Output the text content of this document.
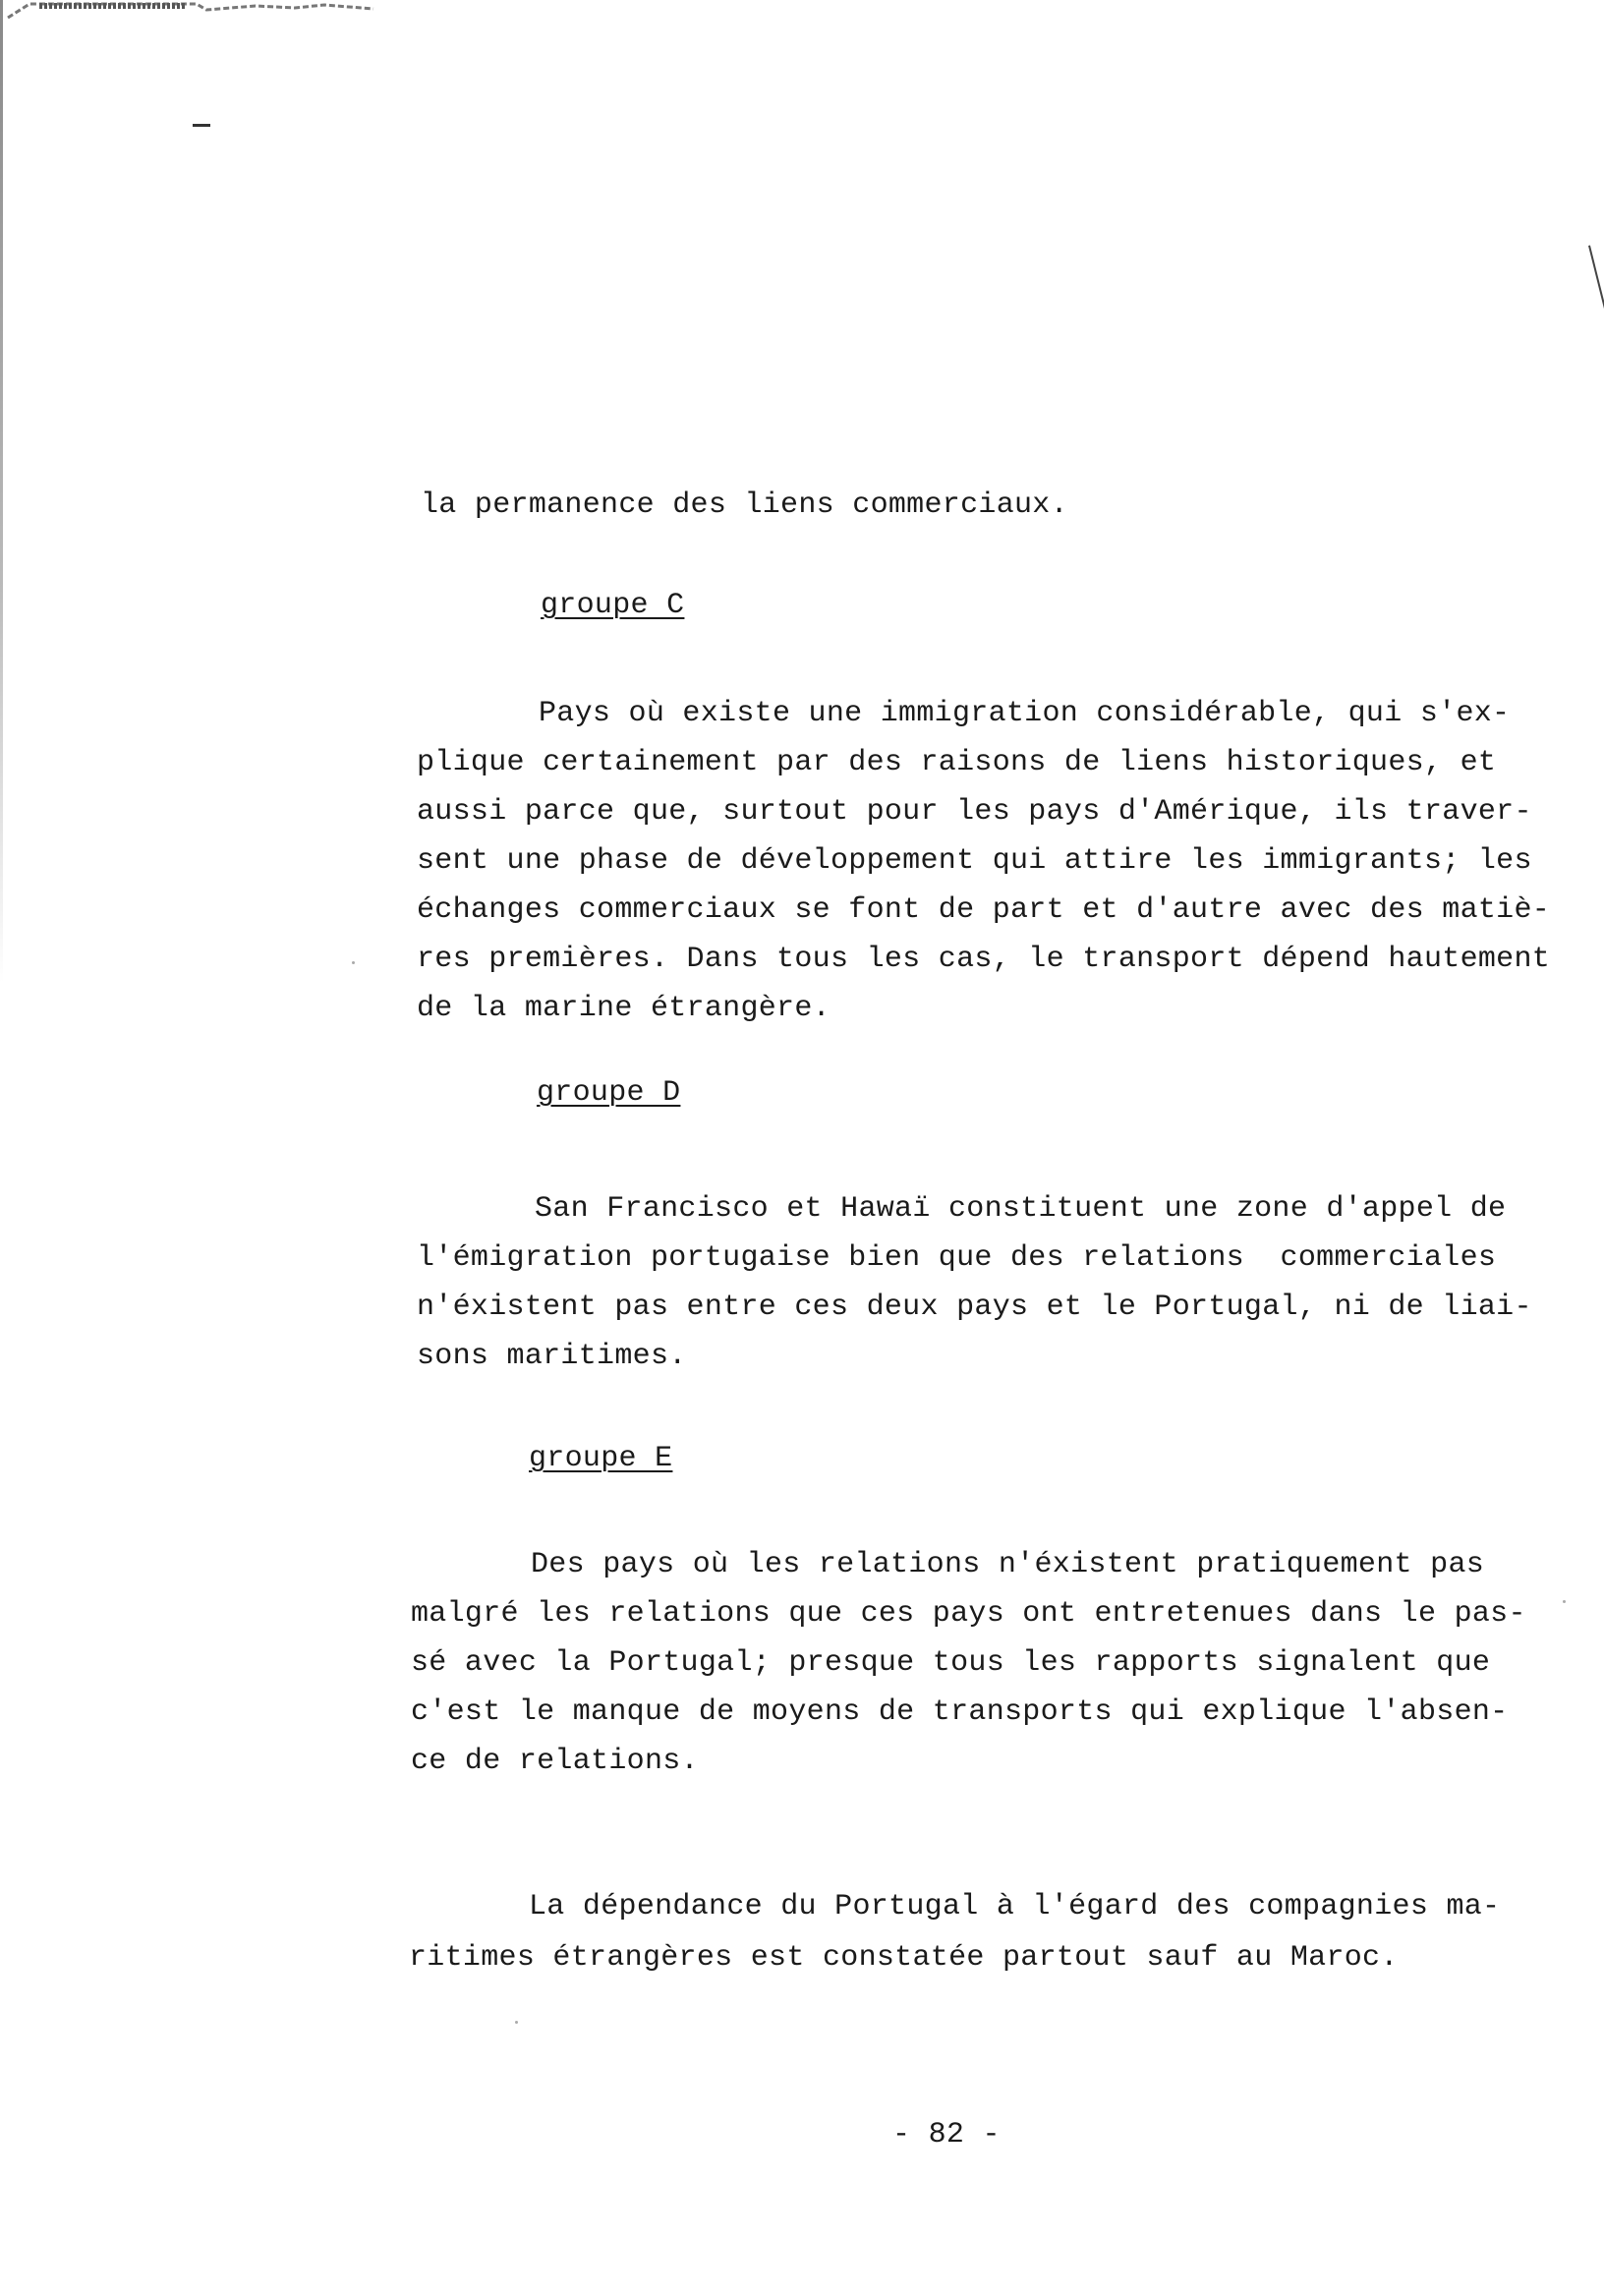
la permanence des liens commerciaux.
groupe C
Pays où existe une immigration considérable, qui s'ex-
plique certainement par des raisons de liens historiques, et
aussi parce que, surtout pour les pays d'Amérique, ils traver-
sent une phase de développement qui attire les immigrants; les
échanges commerciaux se font de part et d'autre avec des matiè-
res premières. Dans tous les cas, le transport dépend hautement
de la marine étrangère.
groupe D
San Francisco et Hawaï constituent une zone d'appel de
l'émigration portugaise bien que des relations  commerciales
n'éxistent pas entre ces deux pays et le Portugal, ni de liai-
sons maritimes.
groupe E
Des pays où les relations n'éxistent pratiquement pas
malgré les relations que ces pays ont entretenues dans le pas-
sé avec la Portugal; presque tous les rapports signalent que
c'est le manque de moyens de transports qui explique l'absen-
ce de relations.
La dépendance du Portugal à l'égard des compagnies ma-
ritimes étrangères est constatée partout sauf au Maroc.
- 82 -
